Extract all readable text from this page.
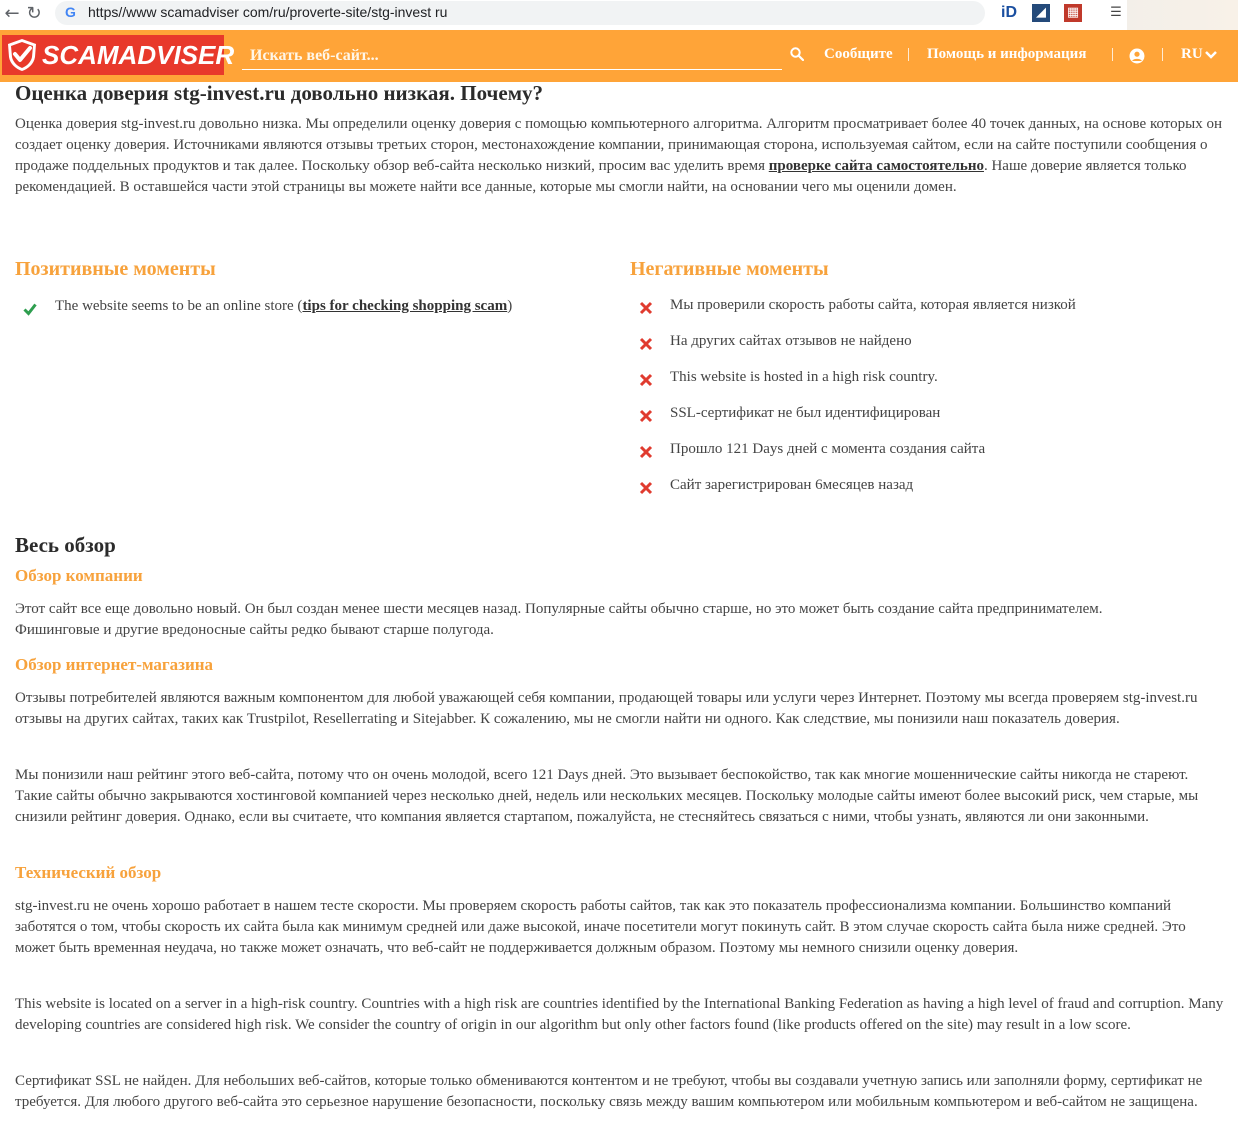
← ↻	G https//www scamadviser com/ru/proverte-site/stg-invest ru	iD	◢	▦ ☰
SCAMADVISER
Искать веб-сайт...	Сообщите | Помощь и информация |	| RU
Оценка доверия stg-invest.ru довольно низкая. Почему?

Оценка доверия stg-invest.ru довольно низка. Мы определили оценку доверия с помощью компьютерного алгоритма. Алгоритм просматривает более 40 точек данных, на основе которых он создает оценку доверия. Источниками являются отзывы третьих сторон, местонахождение компании, принимающая сторона, используемая сайтом, если на сайте поступили сообщения о продаже поддельных продуктов и так далее. Поскольку обзор веб-сайта несколько низкий, просим вас уделить время проверке сайта самостоятельно. Наше доверие является только рекомендацией. В оставшейся части этой страницы вы можете найти все данные, которые мы смогли найти, на основании чего мы оценили домен.

Позитивные моменты
The website seems to be an online store (tips for checking shopping scam)
Негативные моменты
Мы проверили скорость работы сайта, которая является низкой
На других сайтах отзывов не найдено
This website is hosted in a high risk country.
SSL-сертификат не был идентифицирован
Прошло 121 Days дней с момента создания сайта
Сайт зарегистрирован 6месяцев назад
Весь обзор
Обзор компании

Этот сайт все еще довольно новый. Он был создан менее шести месяцев назад. Популярные сайты обычно старше, но это может быть создание сайта предпринимателем. Фишинговые и другие вредоносные сайты редко бывают старше полугода.

Обзор интернет-магазина

Отзывы потребителей являются важным компонентом для любой уважающей себя компании, продающей товары или услуги через Интернет. Поэтому мы всегда проверяем stg-invest.ru отзывы на других сайтах, таких как Trustpilot, Resellerrating и Sitejabber. К сожалению, мы не смогли найти ни одного. Как следствие, мы понизили наш показатель доверия.

Мы понизили наш рейтинг этого веб-сайта, потому что он очень молодой, всего 121 Days дней. Это вызывает беспокойство, так как многие мошеннические сайты никогда не стареют. Такие сайты обычно закрываются хостинговой компанией через несколько дней, недель или нескольких месяцев. Поскольку молодые сайты имеют более высокий риск, чем старые, мы снизили рейтинг доверия. Однако, если вы считаете, что компания является стартапом, пожалуйста, не стесняйтесь связаться с ними, чтобы узнать, являются ли они законными.

Технический обзор

stg-invest.ru не очень хорошо работает в нашем тесте скорости. Мы проверяем скорость работы сайтов, так как это показатель профессионализма компании. Большинство компаний заботятся о том, чтобы скорость их сайта была как минимум средней или даже высокой, иначе посетители могут покинуть сайт. В этом случае скорость сайта была ниже средней. Это может быть временная неудача, но также может означать, что веб-сайт не поддерживается должным образом. Поэтому мы немного снизили оценку доверия.

This website is located on a server in a high-risk country. Countries with a high risk are countries identified by the International Banking Federation as having a high level of fraud and corruption. Many developing countries are considered high risk. We consider the country of origin in our algorithm but only other factors found (like products offered on the site) may result in a low score.

Сертификат SSL не найден. Для небольших веб-сайтов, которые только обмениваются контентом и не требуют, чтобы вы создавали учетную запись или заполняли форму, сертификат не требуется. Для любого другого веб-сайта это серьезное нарушение безопасности, поскольку связь между вашим компьютером или мобильным компьютером и веб-сайтом не защищена.
